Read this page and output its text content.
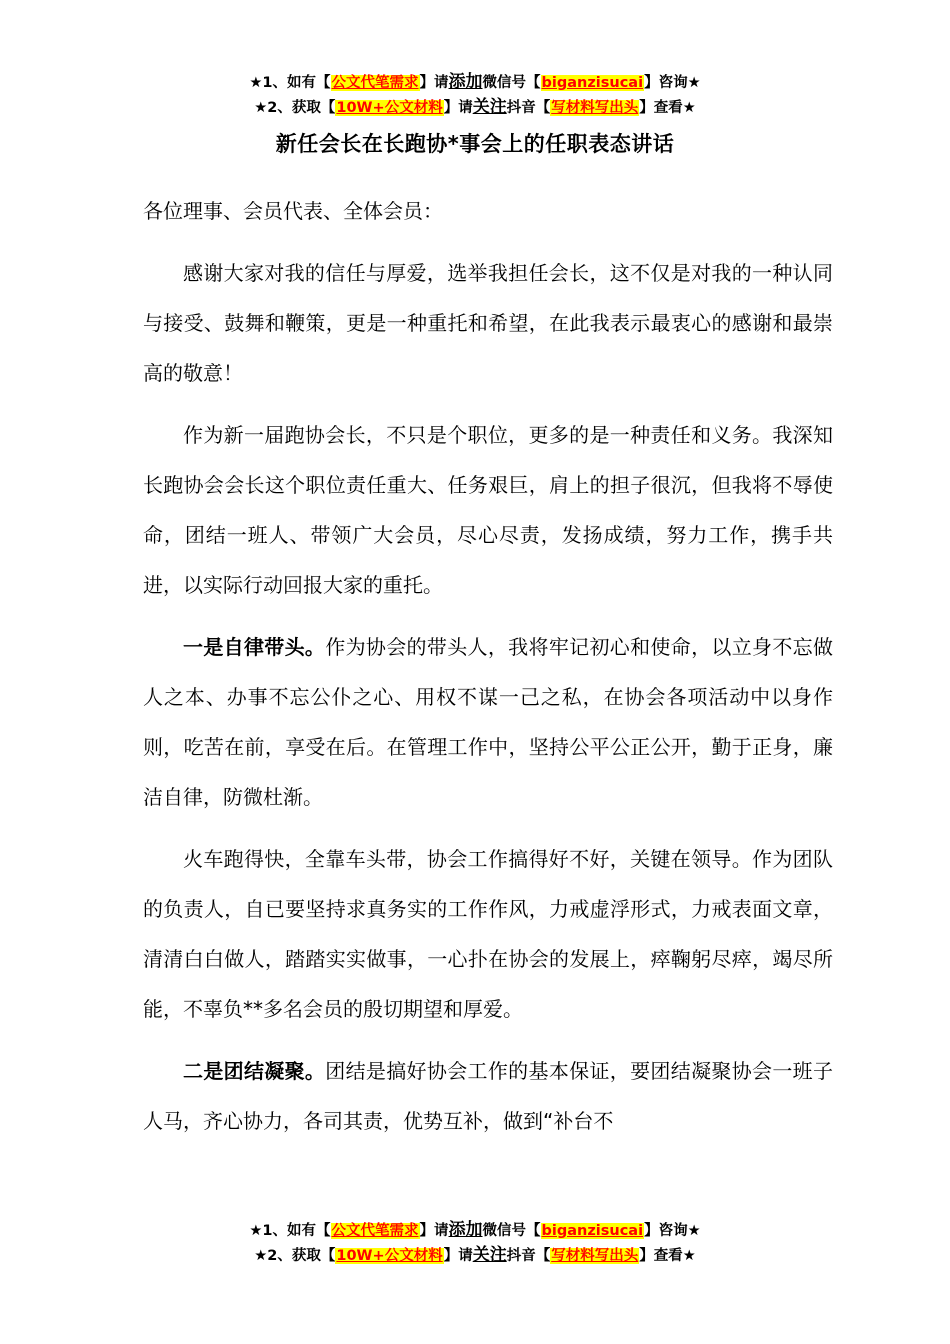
★1、如有【公文代笔需求】请添加微信号【biganzisucai】咨询★
★2、获取【10W+公文材料】请关注抖音【写材料写出头】查看★
新任会长在长跑协*事会上的任职表态讲话

各位理事、会员代表、全体会员：

感谢大家对我的信任与厚爱，选举我担任会长，这不仅是对我的一种认同与接受、鼓舞和鞭策，更是一种重托和希望，在此我表示最衷心的感谢和最崇高的敬意！

作为新一届跑协会长，不只是个职位，更多的是一种责任和义务。我深知长跑协会会长这个职位责任重大、任务艰巨，肩上的担子很沉，但我将不辱使命，团结一班人、带领广大会员，尽心尽责，发扬成绩，努力工作，携手共进，以实际行动回报大家的重托。

一是自律带头。作为协会的带头人，我将牢记初心和使命，以立身不忘做人之本、办事不忘公仆之心、用权不谋一己之私，在协会各项活动中以身作则，吃苦在前，享受在后。在管理工作中，坚持公平公正公开，勤于正身，廉洁自律，防微杜渐。

火车跑得快，全靠车头带，协会工作搞得好不好，关键在领导。作为团队的负责人，自已要坚持求真务实的工作作风，力戒虚浮形式，力戒表面文章，清清白白做人，踏踏实实做事，一心扑在协会的发展上，瘁鞠躬尽瘁，竭尽所能，不辜负**多名会员的殷切期望和厚爱。

二是团结凝聚。团结是搞好协会工作的基本保证，要团结凝聚协会一班子人马，齐心协力，各司其责，优势互补，做到“补台不

★1、如有【公文代笔需求】请添加微信号【biganzisucai】咨询★
★2、获取【10W+公文材料】请关注抖音【写材料写出头】查看★
